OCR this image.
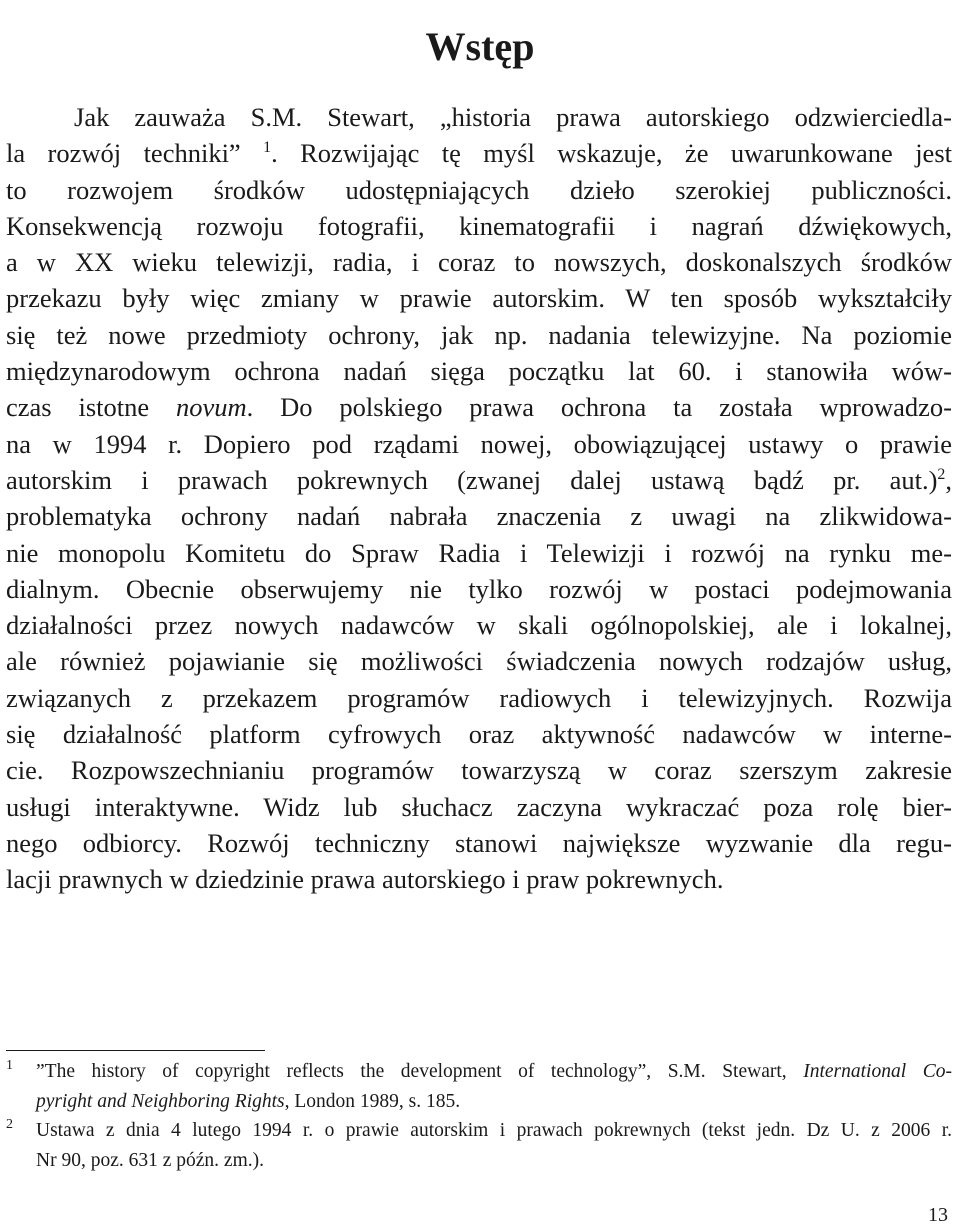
Wstęp
Jak zauważa S.M. Stewart, „historia prawa autorskiego odzwierciedla-
la rozwój techniki” $^1$. Rozwijając tę myśl wskazuje, że uwarunkowane jest
to rozwojem środków udostępniających dzieło szerokiej publiczności.
Konsekwencją rozwoju fotografii, kinematografii i nagrań dźwiękowych,
a w XX wieku telewizji, radia, i coraz to nowszych, doskonalszych środków
przekazu były więc zmiany w prawie autorskim. W ten sposób wykształciły
się też nowe przedmioty ochrony, jak np. nadania telewizyjne. Na poziomie
międzynarodowym ochrona nadań sięga początku lat 60. i stanowiła wów-
czas istotne novum. Do polskiego prawa ochrona ta została wprowadzo-
na w 1994 r. Dopiero pod rządami nowej, obowiązującej ustawy o prawie
autorskim i prawach pokrewnych (zwanej dalej ustawą bądź pr. aut.)$^2$,
problematyka ochrony nadań nabrała znaczenia z uwagi na zlikwidowa-
nie monopolu Komitetu do Spraw Radia i Telewizji i rozwój na rynku me-
dialnym. Obecnie obserwujemy nie tylko rozwój w postaci podejmowania
działalności przez nowych nadawców w skali ogólnopolskiej, ale i lokalnej,
ale również pojawianie się możliwości świadczenia nowych rodzajów usług,
związanych z przekazem programów radiowych i telewizyjnych. Rozwija
się działalność platform cyfrowych oraz aktywność nadawców w interne-
cie. Rozpowszechnianiu programów towarzyszą w coraz szerszym zakresie
usługi interaktywne. Widz lub słuchacz zaczyna wykraczać poza rolę bier-
nego odbiorcy. Rozwój techniczny stanowi największe wyzwanie dla regu-
lacji prawnych w dziedzinie prawa autorskiego i praw pokrewnych.
1 ”The history of copyright reflects the development of technology”, S.M. Stewart, International Co-
pyright and Neighboring Rights, London 1989, s. 185.
2 Ustawa z dnia 4 lutego 1994 r. o prawie autorskim i prawach pokrewnych (tekst jedn. Dz U. z 2006 r.
Nr 90, poz. 631 z późn. zm.).
13
